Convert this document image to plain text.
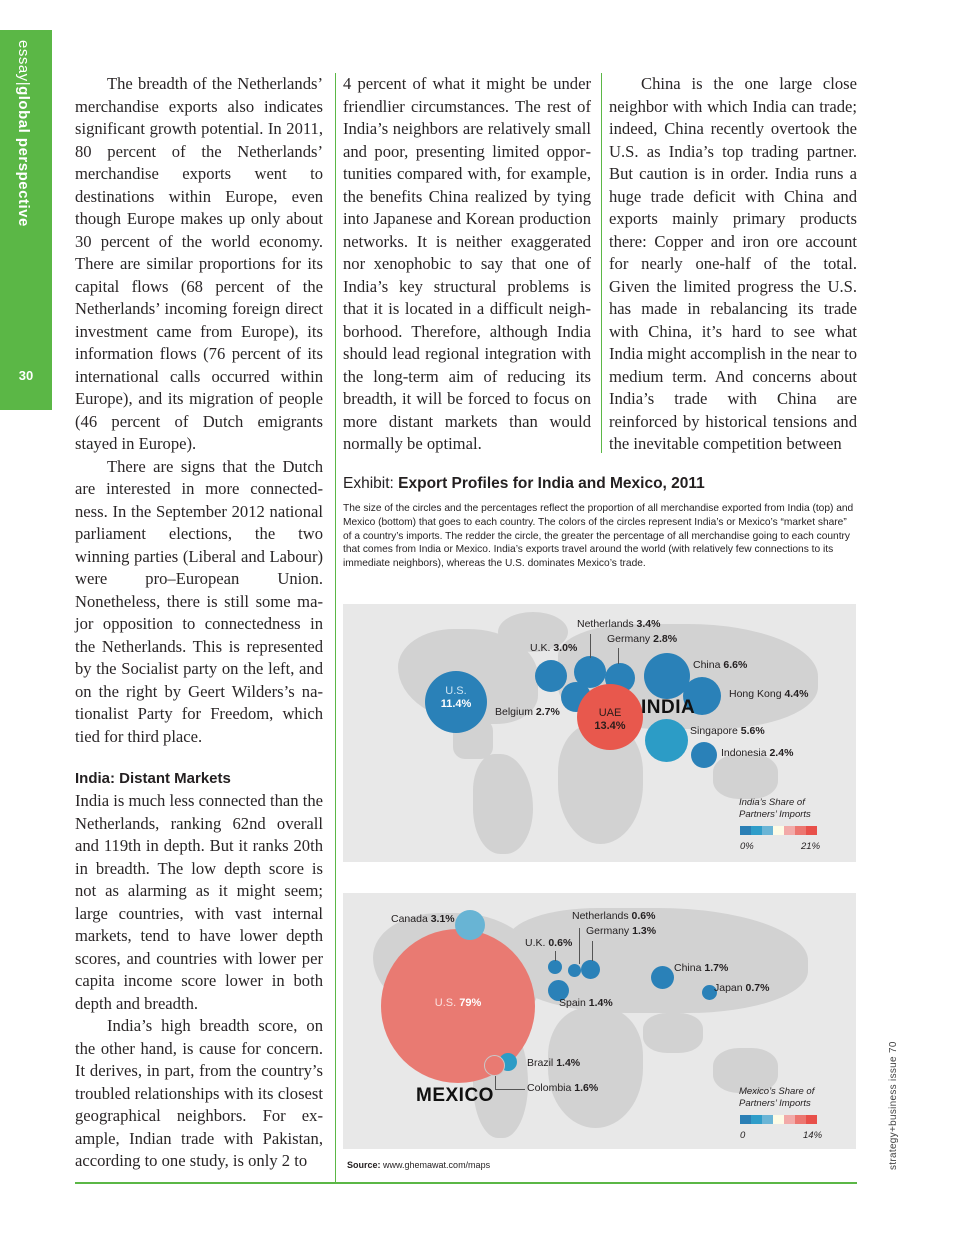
essay|global perspective
30

The breadth of the Netherlands’ merchandise exports also indicates significant growth potential. In 2011, 80 percent of the Netherlands’ merchandise exports went to destinations within Europe, even though Europe makes up only about 30 percent of the world economy. There are similar proportions for its capital flows (68 percent of the Netherlands’ incoming foreign direct investment came from Europe), its information flows (76 percent of its international calls occurred within Europe), and its migration of people (46 percent of Dutch emigrants stayed in Europe).

There are signs that the Dutch are interested in more connectedness. In the September 2012 national parliament elections, the two winning parties (Liberal and Labour) were pro–European Union. Nonetheless, there is still some major opposition to connectedness in the Netherlands. This is represented by the Socialist party on the left, and on the right by Geert Wilders’s nationalist Party for Freedom, which tied for third place.

India: Distant Markets

India is much less connected than the Netherlands, ranking 62nd overall and 119th in depth. But it ranks 20th in breadth. The low depth score is not as alarming as it might seem; large countries, with vast internal markets, tend to have lower depth scores, and countries with lower per capita income score lower in both depth and breadth.

India’s high breadth score, on the other hand, is cause for concern. It derives, in part, from the country’s troubled relationships with its closest geographical neighbors. For example, Indian trade with Pakistan, according to one study, is only 2 to

4 percent of what it might be under friendlier circumstances. The rest of India’s neighbors are relatively small and poor, presenting limited opportunities compared with, for example, the benefits China realized by tying into Japanese and Korean production networks. It is neither exaggerated nor xenophobic to say that one of India’s key structural problems is that it is located in a difficult neighborhood. Therefore, although India should lead regional integration with the long-term aim of reducing its breadth, it will be forced to focus on more distant markets than would normally be optimal.

China is the one large close neighbor with which India can trade; indeed, China recently overtook the U.S. as India’s top trading partner. But caution is in order. India runs a huge trade deficit with China and exports mainly primary products there: Copper and iron ore account for nearly one-half of the total. Given the limited progress the U.S. has made in rebalancing its trade with China, it’s hard to see what India might accomplish in the near to medium term. And concerns about India’s trade with China are reinforced by historical tensions and the inevitable competition between

Exhibit: Export Profiles for India and Mexico, 2011
The size of the circles and the percentages reflect the proportion of all merchandise exported from India (top) and Mexico (bottom) that goes to each country. The colors of the circles represent India’s or Mexico’s “market share” of a country’s imports. The redder the circle, the greater the percentage of all merchandise going to each country that comes from India or Mexico. India’s exports travel around the world (with relatively few connections to its immediate neighbors), whereas the U.S. dominates Mexico’s trade.
U.S.
11.4%
UAE
13.4%
U.K. 3.0%
Netherlands 3.4%
Germany 2.8%
Belgium 2.7%
China 6.6%
Hong Kong 4.4%
Singapore 5.6%
Indonesia 2.4%
INDIA
India’s Share of
Partners’ Imports
0%	21%
U.S. 79%
Canada 3.1%
U.K. 0.6%
Netherlands 0.6%
Germany 1.3%
Spain 1.4%
China 1.7%
Japan 0.7%
Brazil 1.4%
Colombia 1.6%
MEXICO	Mexico’s Share of
Partners’ Imports
0	14%
Source: www.ghemawat.com/maps	strategy+business issue 70
